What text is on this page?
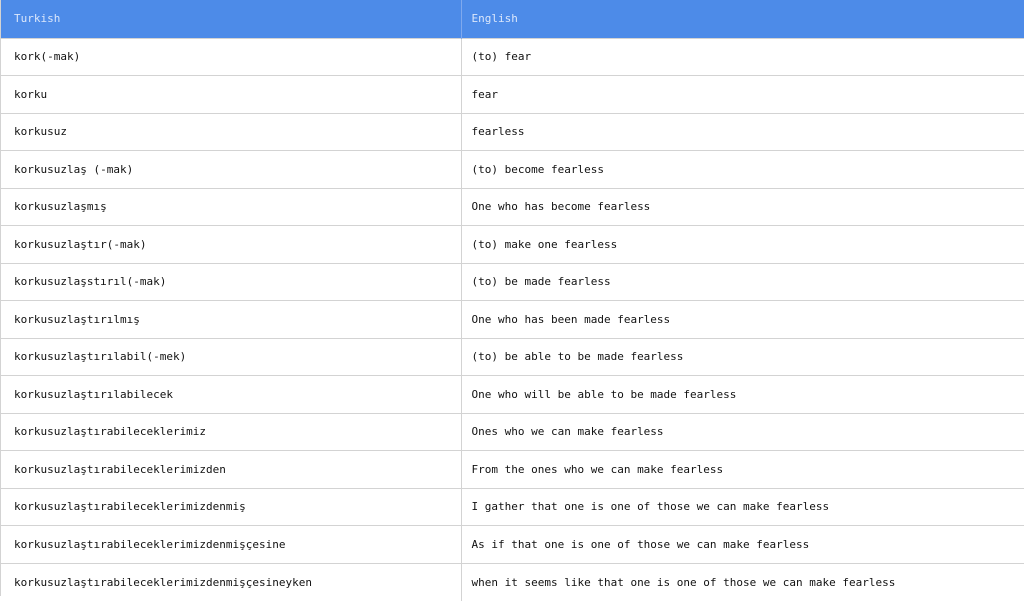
Turkish	English
kork(-mak)	(to) fear
korku	fear
korkusuz	fearless
korkusuzlaş (-mak)	(to) become fearless
korkusuzlaşmış	One who has become fearless
korkusuzlaştır(-mak)	(to) make one fearless
korkusuzlaşstırıl(-mak)	(to) be made fearless
korkusuzlaştırılmış	One who has been made fearless
korkusuzlaştırılabil(-mek)	(to) be able to be made fearless
korkusuzlaştırılabilecek	One who will be able to be made fearless
korkusuzlaştırabileceklerimiz	Ones who we can make fearless
korkusuzlaştırabileceklerimizden	From the ones who we can make fearless
korkusuzlaştırabileceklerimizdenmiş	I gather that one is one of those we can make fearless
korkusuzlaştırabileceklerimizdenmişçesine	As if that one is one of those we can make fearless
korkusuzlaştırabileceklerimizdenmişçesineyken	when it seems like that one is one of those we can make fearless
